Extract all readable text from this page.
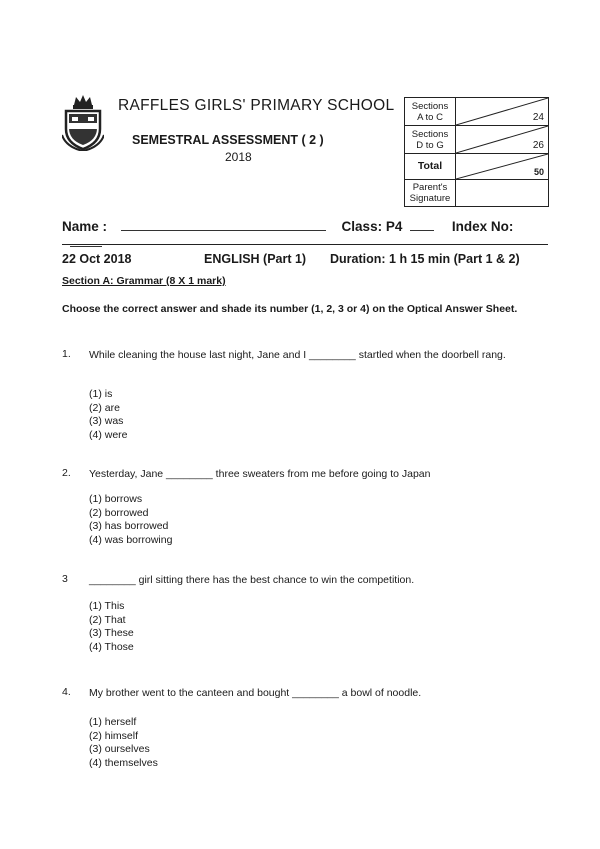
RAFFLES GIRLS' PRIMARY SCHOOL
SEMESTRAL ASSESSMENT ( 2 )
2018
Sections
A to C	24

Sections
D to G	26

Total	50

Parent's
Signature	

Name :	Class: P4	Index No:
22 Oct 2018	ENGLISH (Part 1) Duration: 1 h 15 min (Part 1 & 2)
Section A: Grammar (8 X 1 mark)
Choose the correct answer and shade its number (1, 2, 3 or 4) on the Optical Answer Sheet.
1. While cleaning the house last night, Jane and I ________ startled when the doorbell rang.
(1) is
(2) are
(3) was
(4) were
2. Yesterday, Jane ________ three sweaters from me before going to Japan
(1) borrows
(2) borrowed
(3) has borrowed
(4) was borrowing
3 ________ girl sitting there has the best chance to win the competition.
(1) This
(2) That
(3) These
(4) Those
4. My brother went to the canteen and bought ________ a bowl of noodle.
(1) herself
(2) himself
(3) ourselves
(4) themselves
